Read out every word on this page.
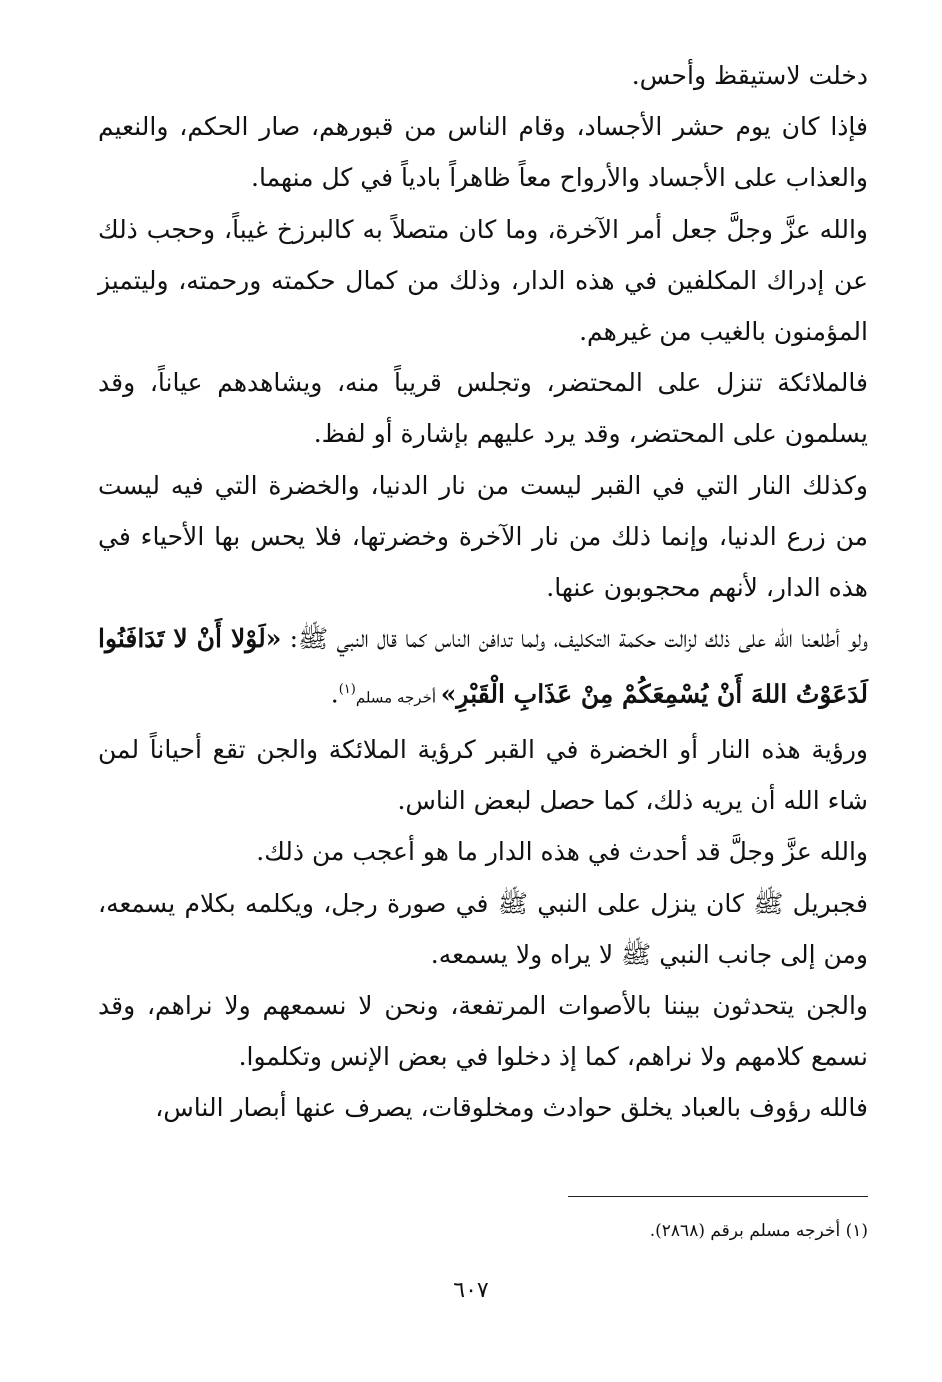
دخلت لاستيقظ وأحس.

فإذا كان يوم حشر الأجساد، وقام الناس من قبورهم، صار الحكم، والنعيم والعذاب على الأجساد والأرواح معاً ظاهراً بادياً في كل منهما.

والله عزَّ وجلَّ جعل أمر الآخرة، وما كان متصلاً به كالبرزخ غيباً، وحجب ذلك عن إدراك المكلفين في هذه الدار، وذلك من كمال حكمته ورحمته، وليتميز المؤمنون بالغيب من غيرهم.

فالملائكة تنزل على المحتضر، وتجلس قريباً منه، ويشاهدهم عياناً، وقد يسلمون على المحتضر، وقد يرد عليهم بإشارة أو لفظ.

وكذلك النار التي في القبر ليست من نار الدنيا، والخضرة التي فيه ليست من زرع الدنيا، وإنما ذلك من نار الآخرة وخضرتها، فلا يحس بها الأحياء في هذه الدار، لأنهم محجوبون عنها.

ولو أطلعنا الله على ذلك لزالت حكمة التكليف، ولما تدافن الناس كما قال النبي ﷺ: «لَوْلا أَنْ لا تَدَافَنُوا لَدَعَوْتُ اللهَ أَنْ يُسْمِعَكُمْ مِنْ عَذَابِ الْقَبْرِ» أخرجه مسلم$^{(١)}$.

ورؤية هذه النار أو الخضرة في القبر كرؤية الملائكة والجن تقع أحياناً لمن شاء الله أن يريه ذلك، كما حصل لبعض الناس.

والله عزَّ وجلَّ قد أحدث في هذه الدار ما هو أعجب من ذلك.

فجبريل ﷺ كان ينزل على النبي ﷺ في صورة رجل، ويكلمه بكلام يسمعه، ومن إلى جانب النبي ﷺ لا يراه ولا يسمعه.

والجن يتحدثون بيننا بالأصوات المرتفعة، ونحن لا نسمعهم ولا نراهم، وقد نسمع كلامهم ولا نراهم، كما إذ دخلوا في بعض الإنس وتكلموا.

فالله رؤوف بالعباد يخلق حوادث ومخلوقات، يصرف عنها أبصار الناس،

(١) أخرجه مسلم برقم (٢٨٦٨).
٦٠٧
